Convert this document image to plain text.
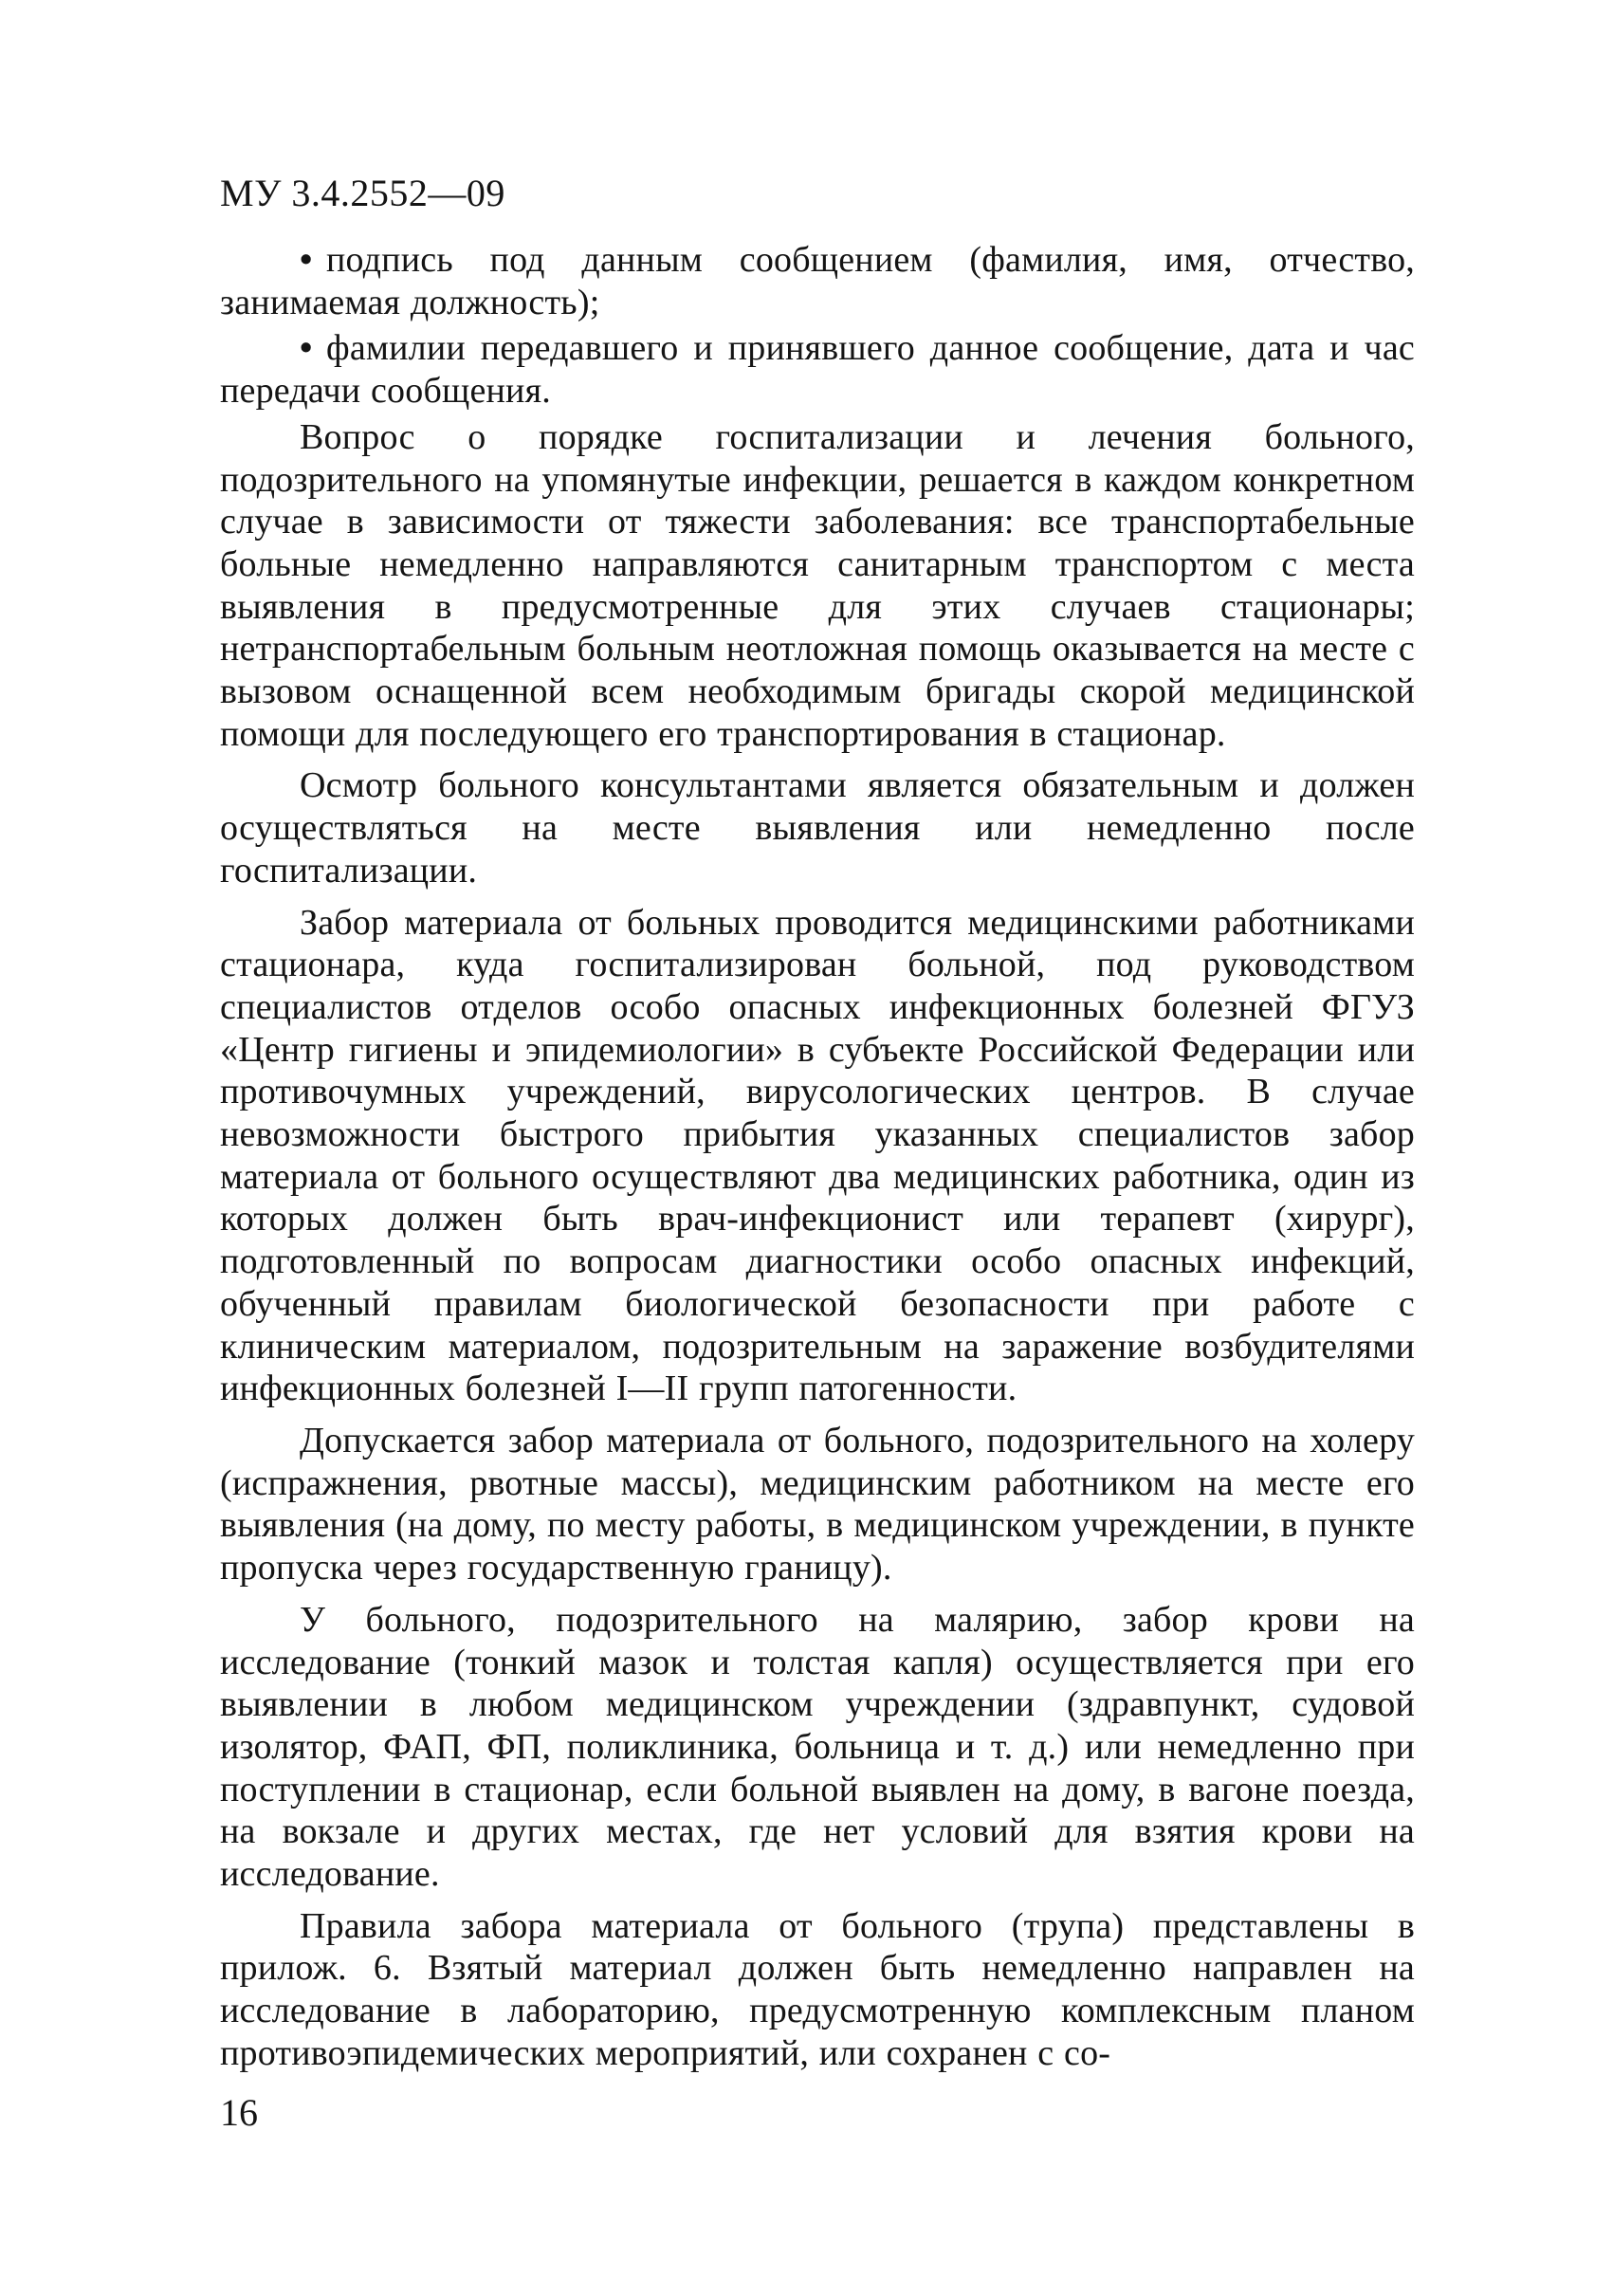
МУ 3.4.2552—09

• подпись под данным сообщением (фамилия, имя, отчество, занимаемая должность);

• фамилии передавшего и принявшего данное сообщение, дата и час передачи сообщения.

Вопрос о порядке госпитализации и лечения больного, подозрительного на упомянутые инфекции, решается в каждом конкретном случае в зависимости от тяжести заболевания: все транспортабельные больные немедленно направляются санитарным транспортом с места выявления в предусмотренные для этих случаев стационары; нетранспортабельным больным неотложная помощь оказывается на месте с вызовом оснащенной всем необходимым бригады скорой медицинской помощи для последующего его транспортирования в стационар.

Осмотр больного консультантами является обязательным и должен осуществляться на месте выявления или немедленно после госпитализации.

Забор материала от больных проводится медицинскими работниками стационара, куда госпитализирован больной, под руководством специалистов отделов особо опасных инфекционных болезней ФГУЗ «Центр гигиены и эпидемиологии» в субъекте Российской Федерации или противочумных учреждений, вирусологических центров. В случае невозможности быстрого прибытия указанных специалистов забор материала от больного осуществляют два медицинских работника, один из которых должен быть врач-инфекционист или терапевт (хирург), подготовленный по вопросам диагностики особо опасных инфекций, обученный правилам биологической безопасности при работе с клиническим материалом, подозрительным на заражение возбудителями инфекционных болезней I—II групп патогенности.

Допускается забор материала от больного, подозрительного на холеру (испражнения, рвотные массы), медицинским работником на месте его выявления (на дому, по месту работы, в медицинском учреждении, в пункте пропуска через государственную границу).

У больного, подозрительного на малярию, забор крови на исследование (тонкий мазок и толстая капля) осуществляется при его выявлении в любом медицинском учреждении (здравпункт, судовой изолятор, ФАП, ФП, поликлиника, больница и т. д.) или немедленно при поступлении в стационар, если больной выявлен на дому, в вагоне поезда, на вокзале и других местах, где нет условий для взятия крови на исследование.

Правила забора материала от больного (трупа) представлены в прилож. 6. Взятый материал должен быть немедленно направлен на исследование в лабораторию, предусмотренную комплексным планом противоэпидемических мероприятий, или сохранен с со-

16
